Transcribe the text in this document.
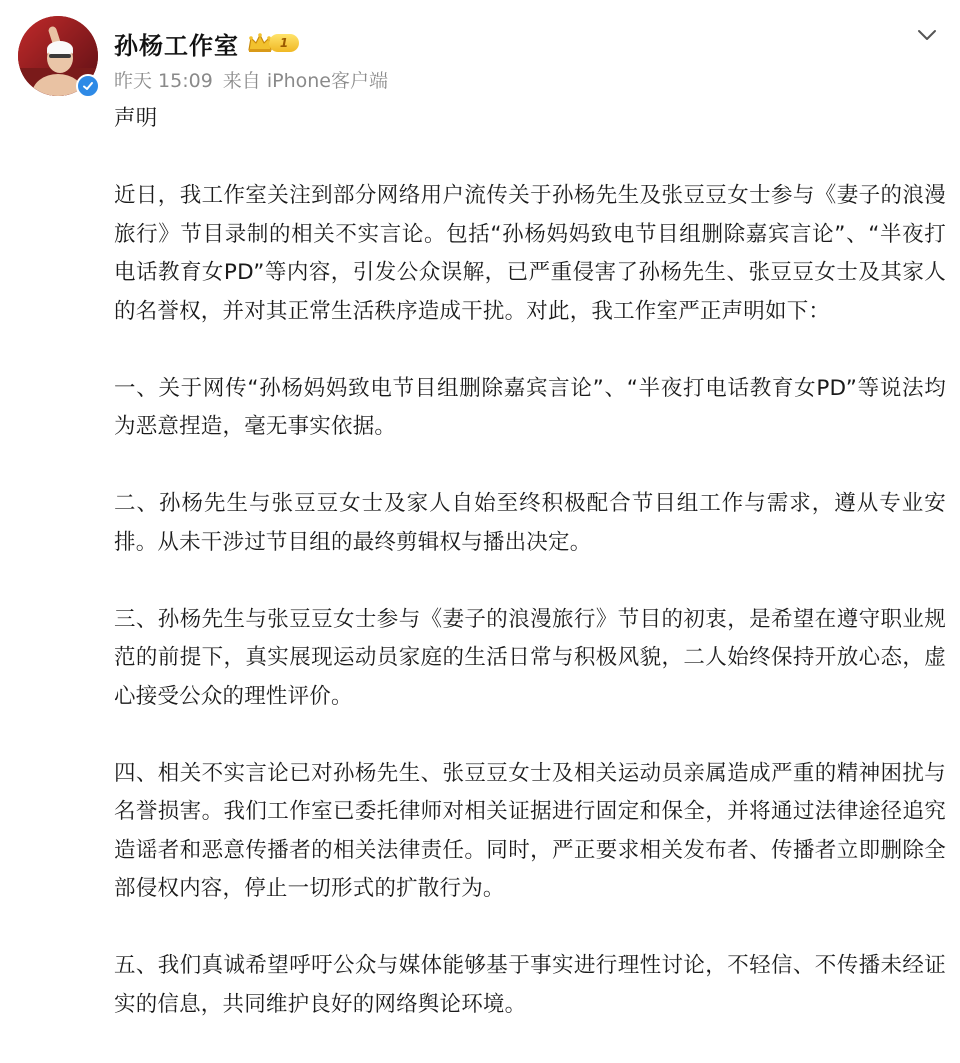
孙杨工作室	1
昨天 15:09 来自 iPhone客户端

声明

近日，我工作室关注到部分网络用户流传关于孙杨先生及张豆豆女士参与《妻子的浪漫旅行》节目录制的相关不实言论。包括“孙杨妈妈致电节目组删除嘉宾言论”、“半夜打电话教育女PD”等内容，引发公众误解，已严重侵害了孙杨先生、张豆豆女士及其家人的名誉权，并对其正常生活秩序造成干扰。对此，我工作室严正声明如下：

一、关于网传“孙杨妈妈致电节目组删除嘉宾言论”、“半夜打电话教育女PD”等说法均为恶意捏造，毫无事实依据。

二、孙杨先生与张豆豆女士及家人自始至终积极配合节目组工作与需求，遵从专业安排。从未干涉过节目组的最终剪辑权与播出决定。

三、孙杨先生与张豆豆女士参与《妻子的浪漫旅行》节目的初衷，是希望在遵守职业规范的前提下，真实展现运动员家庭的生活日常与积极风貌，二人始终保持开放心态，虚心接受公众的理性评价。

四、相关不实言论已对孙杨先生、张豆豆女士及相关运动员亲属造成严重的精神困扰与名誉损害。我们工作室已委托律师对相关证据进行固定和保全，并将通过法律途径追究造谣者和恶意传播者的相关法律责任。同时，严正要求相关发布者、传播者立即删除全部侵权内容，停止一切形式的扩散行为。

五、我们真诚希望呼吁公众与媒体能够基于事实进行理性讨论，不轻信、不传播未经证实的信息，共同维护良好的网络舆论环境。
